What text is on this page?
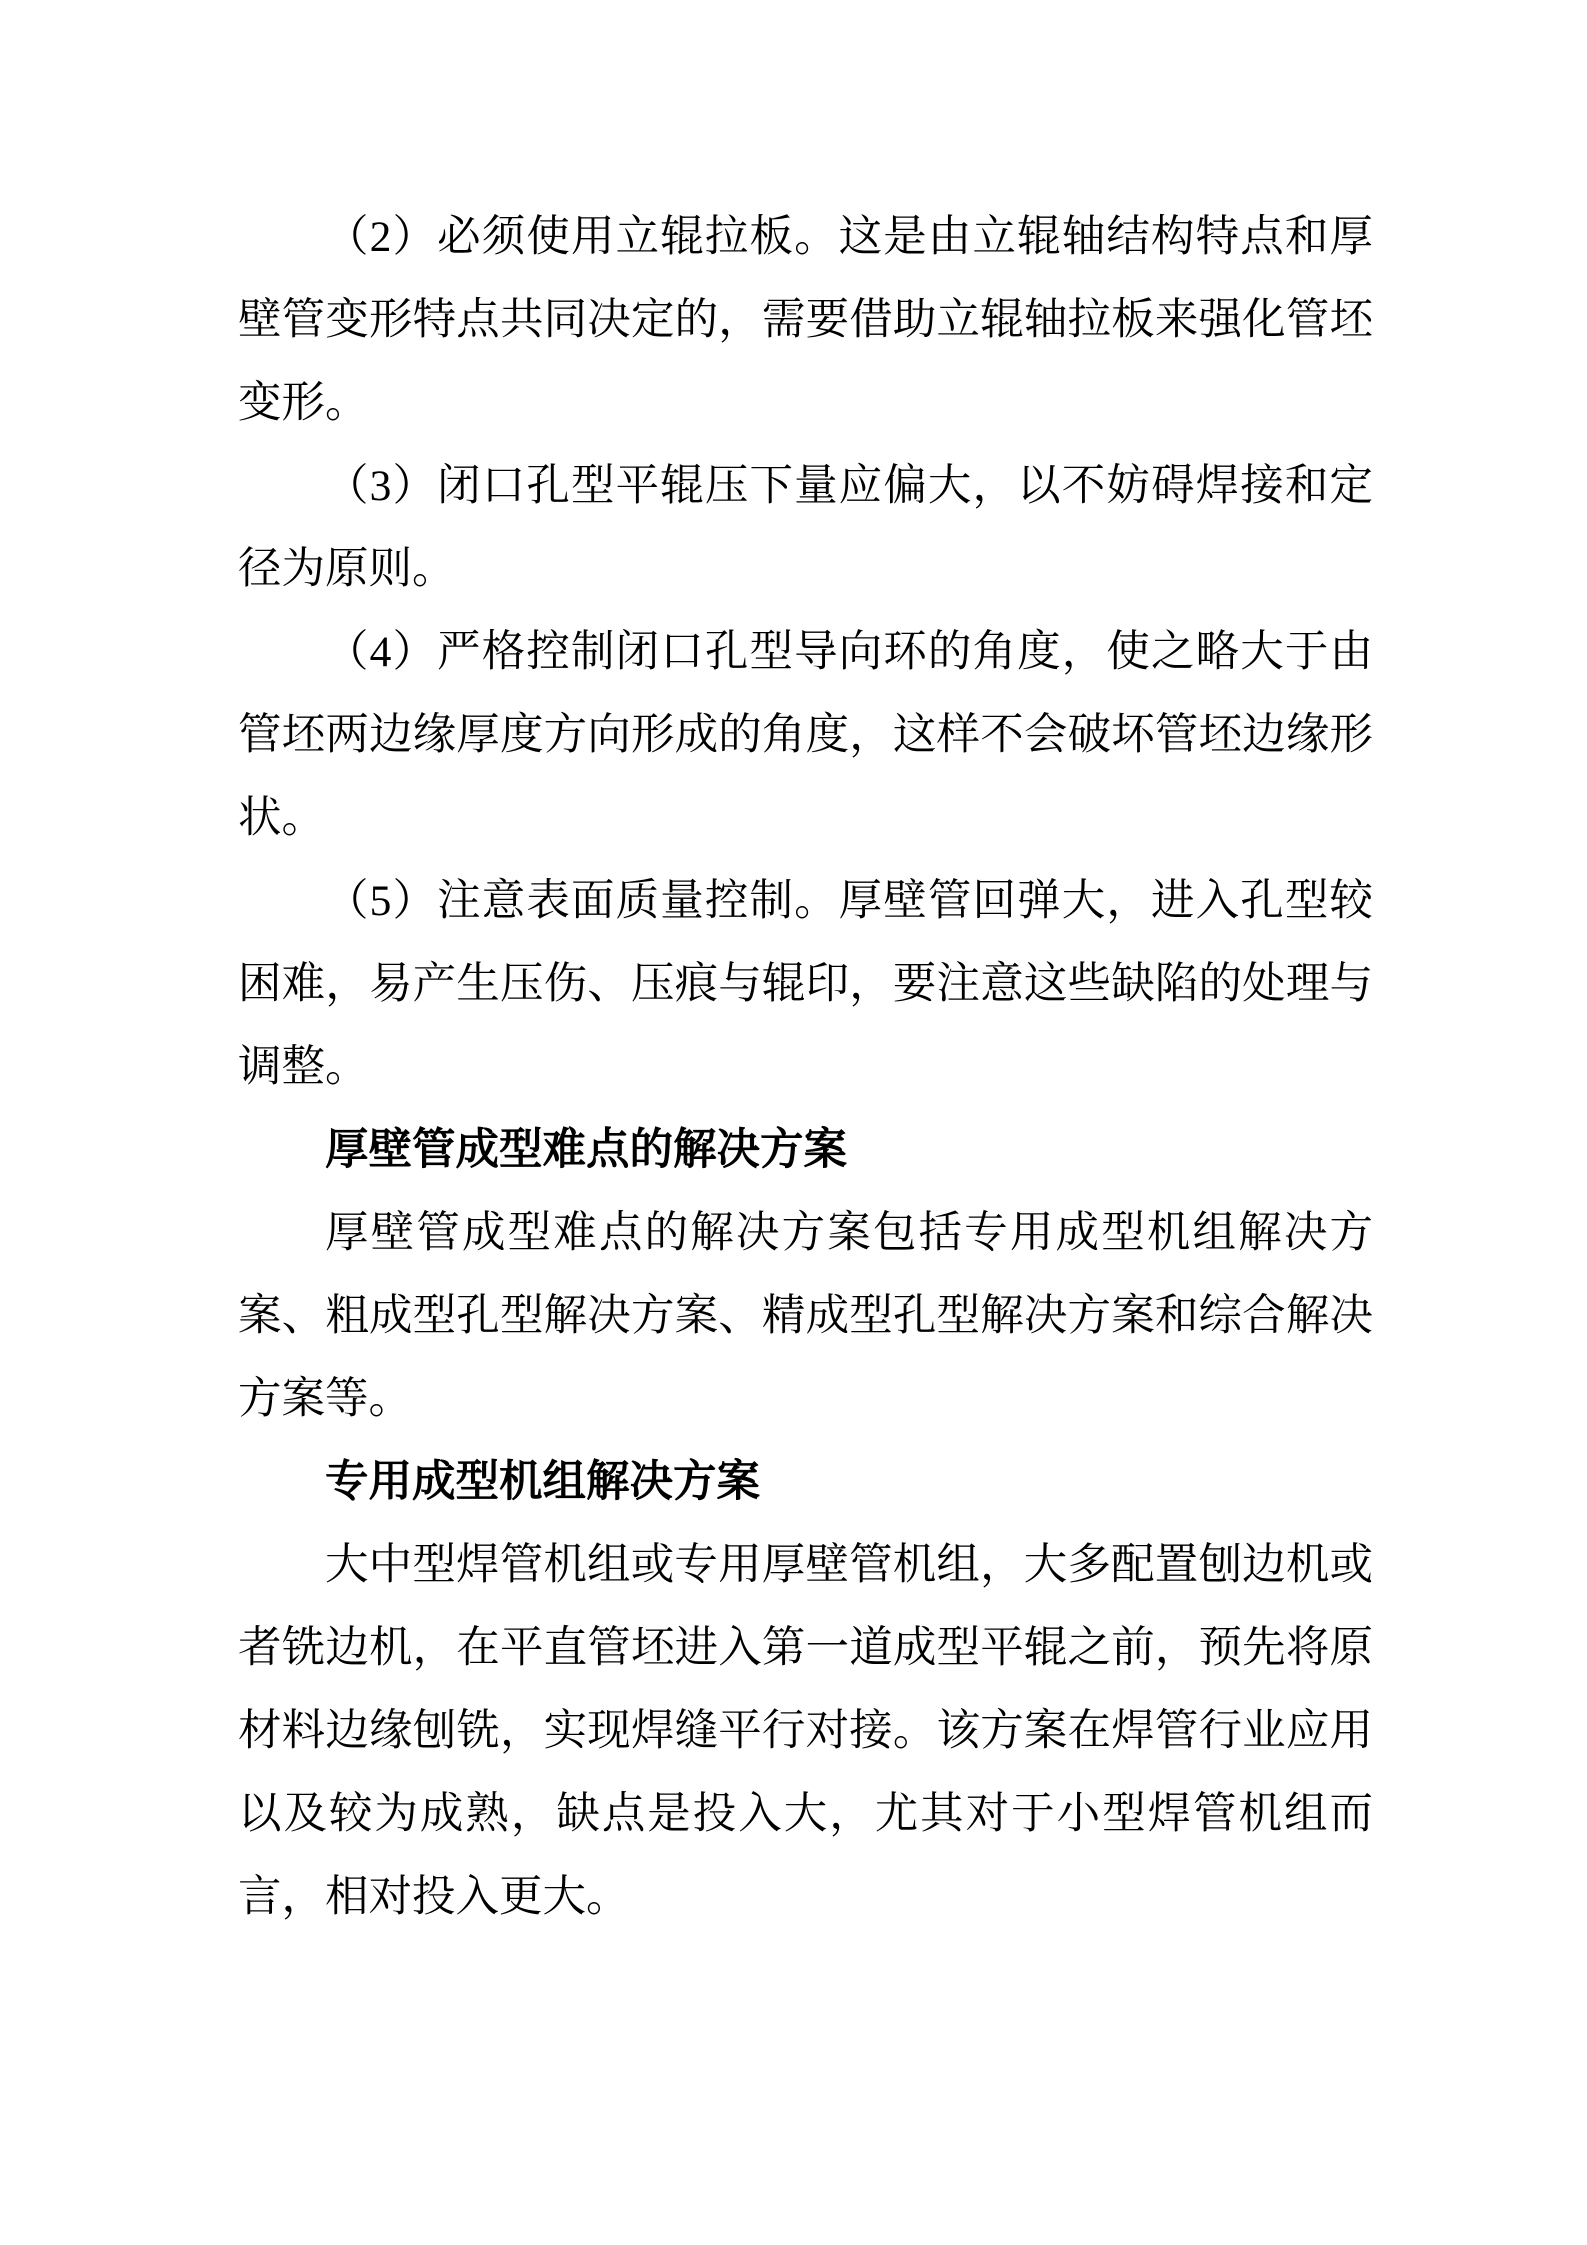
（2）必须使用立辊拉板。这是由立辊轴结构特点和厚壁管变形特点共同决定的，需要借助立辊轴拉板来强化管坯变形。

（3）闭口孔型平辊压下量应偏大，以不妨碍焊接和定径为原则。

（4）严格控制闭口孔型导向环的角度，使之略大于由管坯两边缘厚度方向形成的角度，这样不会破坏管坯边缘形状。

（5）注意表面质量控制。厚壁管回弹大，进入孔型较困难，易产生压伤、压痕与辊印，要注意这些缺陷的处理与调整。

厚壁管成型难点的解决方案

厚壁管成型难点的解决方案包括专用成型机组解决方案、粗成型孔型解决方案、精成型孔型解决方案和综合解决方案等。

专用成型机组解决方案

大中型焊管机组或专用厚壁管机组，大多配置刨边机或者铣边机，在平直管坯进入第一道成型平辊之前，预先将原材料边缘刨铣，实现焊缝平行对接。该方案在焊管行业应用以及较为成熟，缺点是投入大，尤其对于小型焊管机组而言，相对投入更大。
